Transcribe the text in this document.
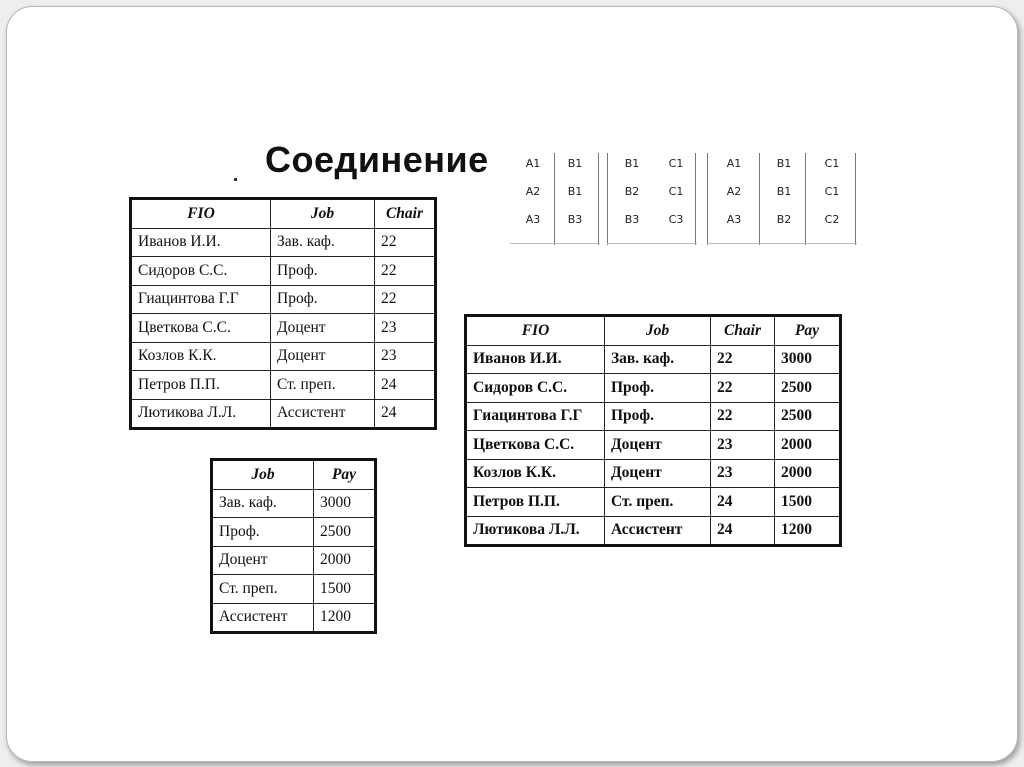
Соединение	A1	B1
A2	B1
A3	B3
B1	C1
B2	C1
B3	C3
A1	B1	C1
A2	B1	C1
A3	B2	C2
FIO	Job	Chair
Иванов И.И.	Зав. каф.	22
Сидоров С.С.	Проф.	22
Гиацинтова Г.Г	Проф.	22
Цветкова С.С.	Доцент	23
Козлов К.К.	Доцент	23
Петров П.П.	Ст. преп.	24
Лютикова Л.Л.	Ассистент	24
Job	Pay
Зав. каф.	3000
Проф.	2500
Доцент	2000
Ст. преп.	1500
Ассистент	1200
FIO	Job	Chair	Pay
Иванов И.И.	Зав. каф.	22	3000
Сидоров С.С.	Проф.	22	2500
Гиацинтова Г.Г	Проф.	22	2500
Цветкова С.С.	Доцент	23	2000
Козлов К.К.	Доцент	23	2000
Петров П.П.	Ст. преп.	24	1500
Лютикова Л.Л.	Ассистент	24	1200
